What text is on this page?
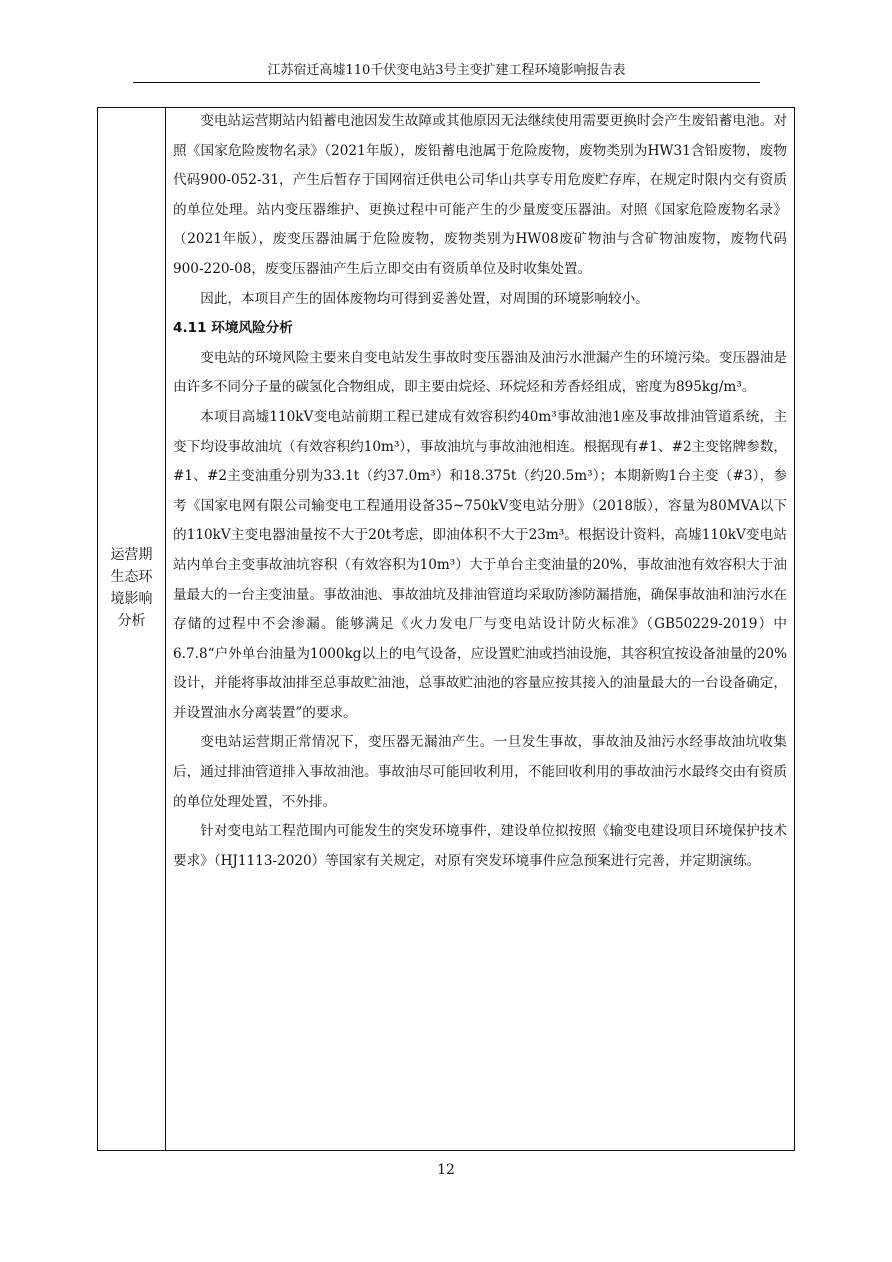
江苏宿迁高墟110千伏变电站3号主变扩建工程环境影响报告表
运营期
生态环
境影响
分析

变电站运营期站内铅蓄电池因发生故障或其他原因无法继续使用需要更换时会产生废铅蓄电池。对照《国家危险废物名录》（2021年版），废铅蓄电池属于危险废物，废物类别为HW31含铅废物，废物代码900-052-31，产生后暂存于国网宿迁供电公司华山共享专用危废贮存库，在规定时限内交有资质的单位处理。站内变压器维护、更换过程中可能产生的少量废变压器油。对照《国家危险废物名录》（2021年版），废变压器油属于危险废物，废物类别为HW08废矿物油与含矿物油废物，废物代码900-220-08，废变压器油产生后立即交由有资质单位及时收集处置。

因此，本项目产生的固体废物均可得到妥善处置，对周围的环境影响较小。

4.11 环境风险分析

变电站的环境风险主要来自变电站发生事故时变压器油及油污水泄漏产生的环境污染。变压器油是由许多不同分子量的碳氢化合物组成，即主要由烷烃、环烷烃和芳香烃组成，密度为895kg/m³。

本项目高墟110kV变电站前期工程已建成有效容积约40m³事故油池1座及事故排油管道系统，主变下均设事故油坑（有效容积约10m³），事故油坑与事故油池相连。根据现有#1、#2主变铭牌参数，#1、#2主变油重分别为33.1t（约37.0m³）和18.375t（约20.5m³）；本期新购1台主变（#3），参考《国家电网有限公司输变电工程通用设备35~750kV变电站分册》（2018版），容量为80MVA以下的110kV主变电器油量按不大于20t考虑，即油体积不大于23m³。根据设计资料，高墟110kV变电站站内单台主变事故油坑容积（有效容积为10m³）大于单台主变油量的20%，事故油池有效容积大于油量最大的一台主变油量。事故油池、事故油坑及排油管道均采取防渗防漏措施，确保事故油和油污水在存储的过程中不会渗漏。能够满足《火力发电厂与变电站设计防火标准》（GB50229-2019）中6.7.8“户外单台油量为1000kg以上的电气设备，应设置贮油或挡油设施，其容积宜按设备油量的20%设计，并能将事故油排至总事故贮油池，总事故贮油池的容量应按其接入的油量最大的一台设备确定，并设置油水分离装置”的要求。

变电站运营期正常情况下，变压器无漏油产生。一旦发生事故，事故油及油污水经事故油坑收集后，通过排油管道排入事故油池。事故油尽可能回收利用，不能回收利用的事故油污水最终交由有资质的单位处理处置，不外排。

针对变电站工程范围内可能发生的突发环境事件，建设单位拟按照《输变电建设项目环境保护技术要求》（HJ1113-2020）等国家有关规定，对原有突发环境事件应急预案进行完善，并定期演练。

12
